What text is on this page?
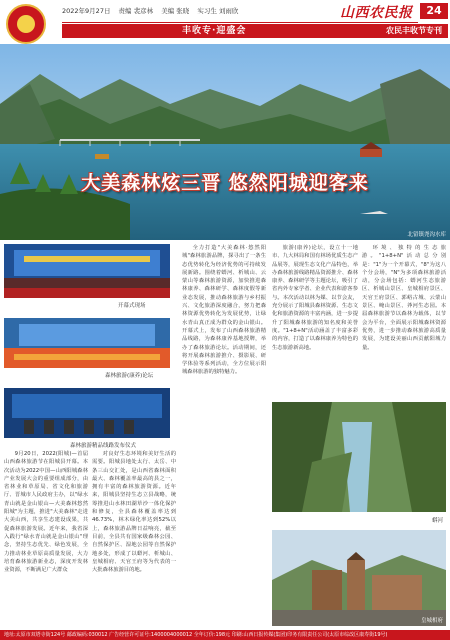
2022年9月27日 责编 裴彦林 美编 张晓 实习生 刘雨欣	山西农民报	24
丰收专·迎盛会	农民丰收节专刊
大美森林炫三晋 悠然阳城迎客来
北留镇尧沟水库
开幕式现场
森林旅游(康养)论坛
森林旅游精品线路发布仪式

9月20日，2022(阳城)—首届山西森林旅游节在阳城县开幕。本次活动为2022中国—山西阳城森林产业发展大会的重要组成部分，由省林业和草原局、省文化和旅游厅、晋城市人民政府主办，以"绿水青山就是金山银山—大美森林悠然阳城"为主题，推进"大美森林"走进大美山西，共享生态建设成果，共促森林旅游发展。近年来，我省深入践行"绿水青山就是金山银山"理念，坚持生态优先、绿色发展，全力推动林业草原高质量发展，大力培育森林旅游新业态，深度开发林业资源，不断满足广大群众

对良好生态环境和美好生活的需要。阳城县地处太行、太岳、中条三山交汇处，是山西省森林面积最大、森林覆盖率最高的县之一，拥有丰富的森林旅游资源。近年来，阳城县坚持生态立县战略，统筹推进山水林田湖草沙一体化保护和修复，全县森林覆盖率达到46.73%，林木绿化率达到52%以上，森林旅游品牌日益响亮，截至目前，全县共有国家级森林公园、自然保护区、湿地公园等自然保护地多处，形成了以蟒河、析城山、皇城相府、天官王府等为代表的一大批森林旅游目的地。

全力打造"大美森林·悠然阳城"森林旅游品牌，探寻出了一条生态优势转化为经济优势的可持续发展新路。围绕着蟒河、析城山、云蒙山等森林旅游资源，加快推进森林康养、森林研学、森林度假等新业态发展，推动森林旅游与乡村振兴、文化旅游深度融合，努力把森林资源优势转化为发展优势，让绿水青山真正成为群众的金山银山。开幕式上，发布了山西森林旅游精品线路，为森林康养基地授牌，举办了森林旅游论坛。活动期间，还将开展森林旅游推介、摄影展、研学体验等系列活动，全方位展示阳城森林旅游的独特魅力。

旅游(康养)论坛，设立十一地市、九大林局和国有林场优质生态产品展等，展现生态文化产品特色，举办森林旅游线路精品资源推介、森林康养、森林研学等主题论坛，吸引了省内外专家学者、企业代表和游客参与。本次活动以林为媒、以节会友，充分展示了阳城县森林资源、生态文化和旅游资源的丰富内涵，进一步提升了阳城森林旅游的知名度和美誉度。"1+8+N"活动涵盖了丰富多彩的内容，打造了以森林康养为特色的生态旅游新高地。

环境、独特的生态旅游。"1+8+N"活动总分别是："1"为一个开幕式，"8"为这八个分会场，"N"为多项森林旅游活动，分会场包括：蟒河生态旅游区、析城山景区、皇城相府景区、天官王府景区、郭峪古城、云蒙山景区、崦山景区、莽河生态园。本届森林旅游节以森林为载体，以节会为平台，全面展示阳城森林资源优势，进一步推动森林旅游高质量发展，为建设美丽山西贡献阳城力量。

蟒河
皇城相府
地址:太原市双塔寺街124号 邮政编码:030012 广告经营许可证号:1400004000012 全年订价:198元 印刷:山西日报传媒(集团)印务有限责任公司(太原市综改区康寿街19号)
